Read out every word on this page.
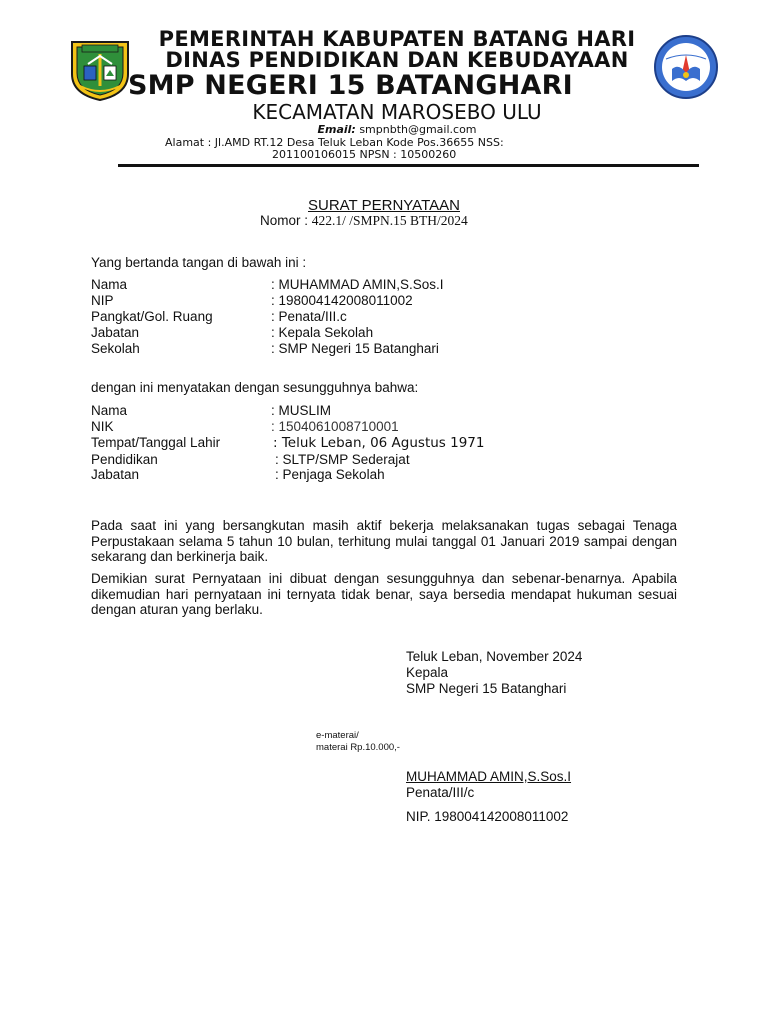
PEMERINTAH KABUPATEN BATANG HARI
DINAS PENDIDIKAN DAN KEBUDAYAAN
SMP NEGERI 15 BATANGHARI
KECAMATAN MAROSEBO ULU
Email: smpnbth@gmail.com
Alamat : Jl.AMD RT.12 Desa Teluk Leban Kode Pos.36655 NSS:
201100106015 NPSN : 10500260
SURAT PERNYATAAN
Nomor : 422.1/ /SMPN.15 BTH/2024
Yang bertanda tangan di bawah ini :
Nama	: MUHAMMAD AMIN,S.Sos.I
NIP	: 198004142008011002
Pangkat/Gol. Ruang	: Penata/III.c
Jabatan	: Kepala Sekolah
Sekolah	: SMP Negeri 15 Batanghari
dengan ini menyatakan dengan sesungguhnya bahwa:
Nama	: MUSLIM
NIK	: 1504061008710001
Tempat/Tanggal Lahir	: Teluk Leban, 06 Agustus 1971
Pendidikan	: SLTP/SMP Sederajat
Jabatan	: Penjaga Sekolah
Pada saat ini yang bersangkutan masih aktif bekerja melaksanakan tugas sebagai Tenaga Perpustakaan selama 5 tahun 10 bulan, terhitung mulai tanggal 01 Januari 2019 sampai dengan sekarang dan berkinerja baik.
Demikian surat Pernyataan ini dibuat dengan sesungguhnya dan sebenar-benarnya. Apabila dikemudian hari pernyataan ini ternyata tidak benar, saya bersedia mendapat hukuman sesuai dengan aturan yang berlaku.
Teluk Leban, November 2024
Kepala
SMP Negeri 15 Batanghari
e-materai/
materai Rp.10.000,-
MUHAMMAD AMIN,S.Sos.I
Penata/III/c
NIP. 198004142008011002
